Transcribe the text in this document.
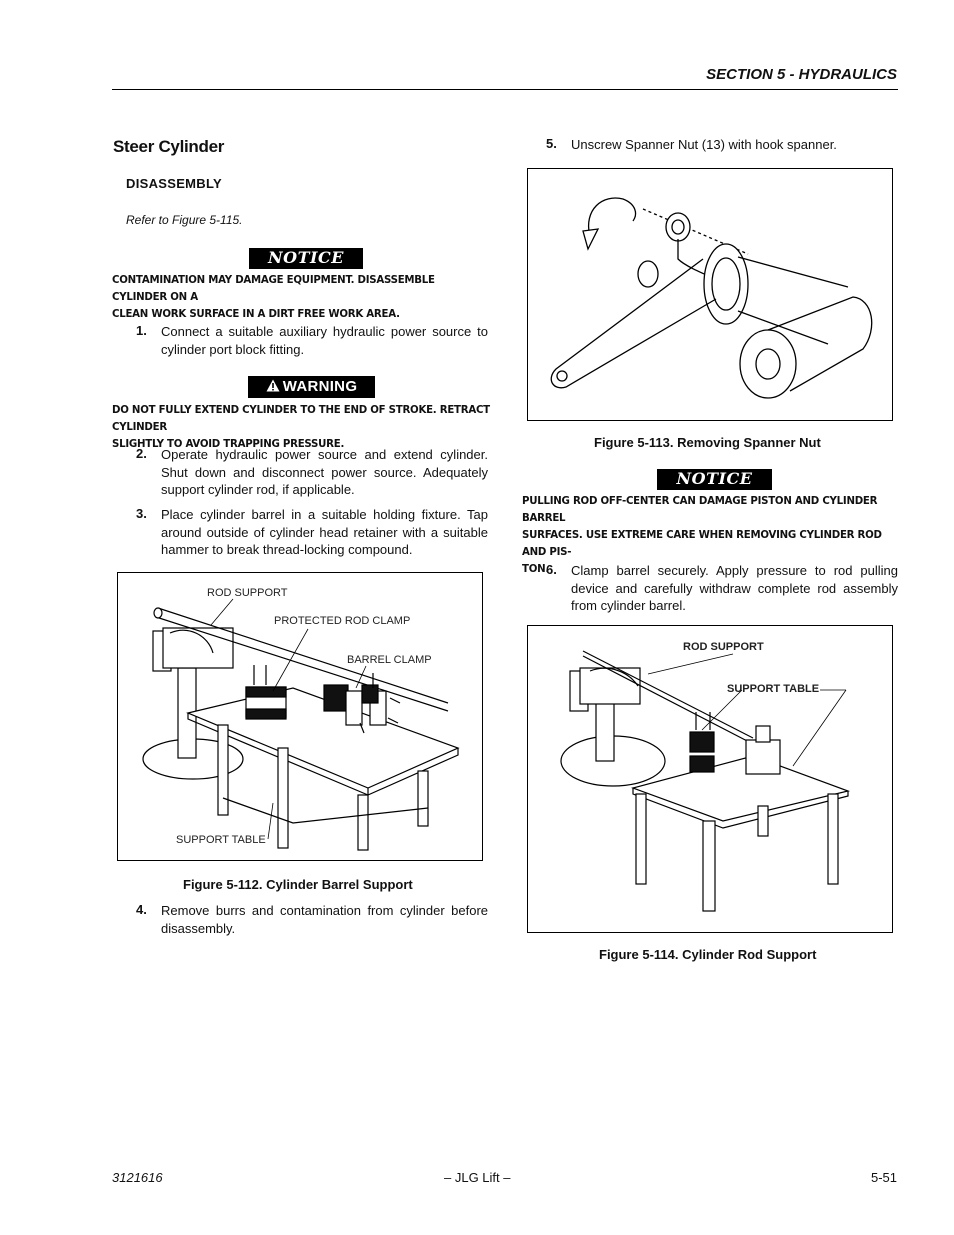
SECTION 5 - HYDRAULICS
Steer Cylinder
DISASSEMBLY
Refer to Figure 5-115.
NOTICE
CONTAMINATION MAY DAMAGE EQUIPMENT. DISASSEMBLE CYLINDER ON A
CLEAN WORK SURFACE IN A DIRT FREE WORK AREA.
1. Connect a suitable auxiliary hydraulic power source to cylinder port block fitting.
WARNING
DO NOT FULLY EXTEND CYLINDER TO THE END OF STROKE. RETRACT CYLINDER
SLIGHTLY TO AVOID TRAPPING PRESSURE.
2. Operate hydraulic power source and extend cylinder. Shut down and disconnect power source. Adequately support cylinder rod, if applicable.
3. Place cylinder barrel in a suitable holding fixture. Tap around outside of cylinder head retainer with a suitable hammer to break thread-locking compound.
ROD SUPPORT
PROTECTED ROD CLAMP
BARREL CLAMP
SUPPORT TABLE
Figure 5-112. Cylinder Barrel Support
4. Remove burrs and contamination from cylinder before disassembly.
5. Unscrew Spanner Nut (13) with hook spanner.
Figure 5-113. Removing Spanner Nut
NOTICE
PULLING ROD OFF-CENTER CAN DAMAGE PISTON AND CYLINDER BARREL
SURFACES. USE EXTREME CARE WHEN REMOVING CYLINDER ROD AND PIS-
TON.
6. Clamp barrel securely. Apply pressure to rod pulling device and carefully withdraw complete rod assembly from cylinder barrel.
ROD SUPPORT
SUPPORT TABLE
Figure 5-114. Cylinder Rod Support
3121616	– JLG Lift –	5-51
